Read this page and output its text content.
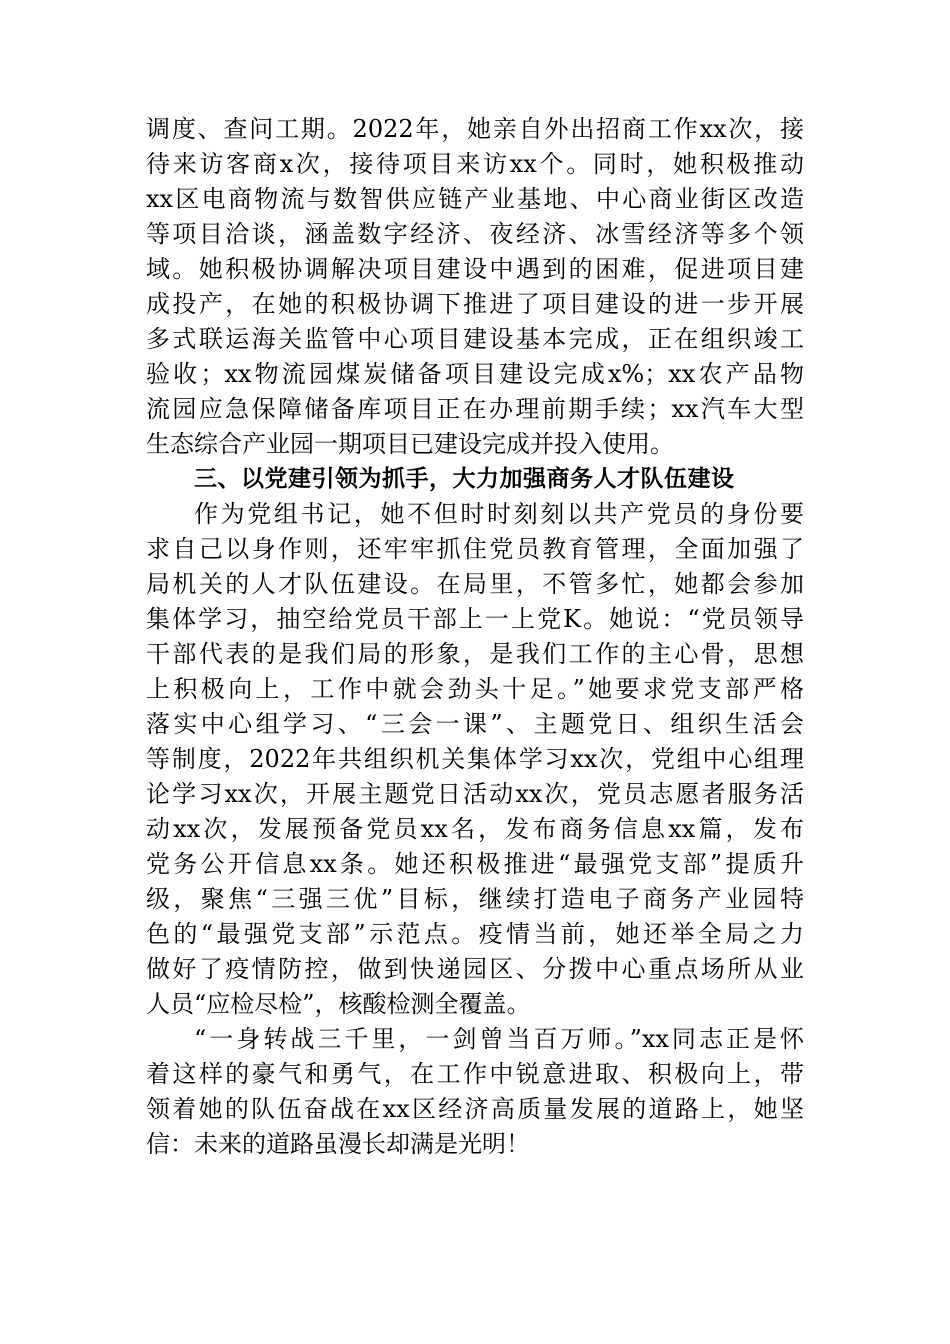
调度、查问工期。2022年，她亲自外出招商工作xx次，接
待来访客商x次，接待项目来访xx个。同时，她积极推动
xx区电商物流与数智供应链产业基地、中心商业街区改造
等项目洽谈，涵盖数字经济、夜经济、冰雪经济等多个领
域。她积极协调解决项目建设中遇到的困难，促进项目建
成投产，在她的积极协调下推进了项目建设的进一步开展
多式联运海关监管中心项目建设基本完成，正在组织竣工
验收；xx物流园煤炭储备项目建设完成x%；xx农产品物
流园应急保障储备库项目正在办理前期手续；xx汽车大型
生态综合产业园一期项目已建设完成并投入使用。
三、以党建引领为抓手，大力加强商务人才队伍建设
作为党组书记，她不但时时刻刻以共产党员的身份要
求自己以身作则，还牢牢抓住党员教育管理，全面加强了
局机关的人才队伍建设。在局里，不管多忙，她都会参加
集体学习，抽空给党员干部上一上党K。她说：“党员领导
干部代表的是我们局的形象，是我们工作的主心骨，思想
上积极向上，工作中就会劲头十足。”她要求党支部严格
落实中心组学习、“三会一课”、主题党日、组织生活会
等制度，2022年共组织机关集体学习xx次，党组中心组理
论学习xx次，开展主题党日活动xx次，党员志愿者服务活
动xx次，发展预备党员xx名，发布商务信息xx篇，发布
党务公开信息xx条。她还积极推进“最强党支部”提质升
级，聚焦“三强三优”目标，继续打造电子商务产业园特
色的“最强党支部”示范点。疫情当前，她还举全局之力
做好了疫情防控，做到快递园区、分拨中心重点场所从业
人员“应检尽检”，核酸检测全覆盖。
“一身转战三千里，一剑曾当百万师。”xx同志正是怀
着这样的豪气和勇气，在工作中锐意进取、积极向上，带
领着她的队伍奋战在xx区经济高质量发展的道路上，她坚
信：未来的道路虽漫长却满是光明！
